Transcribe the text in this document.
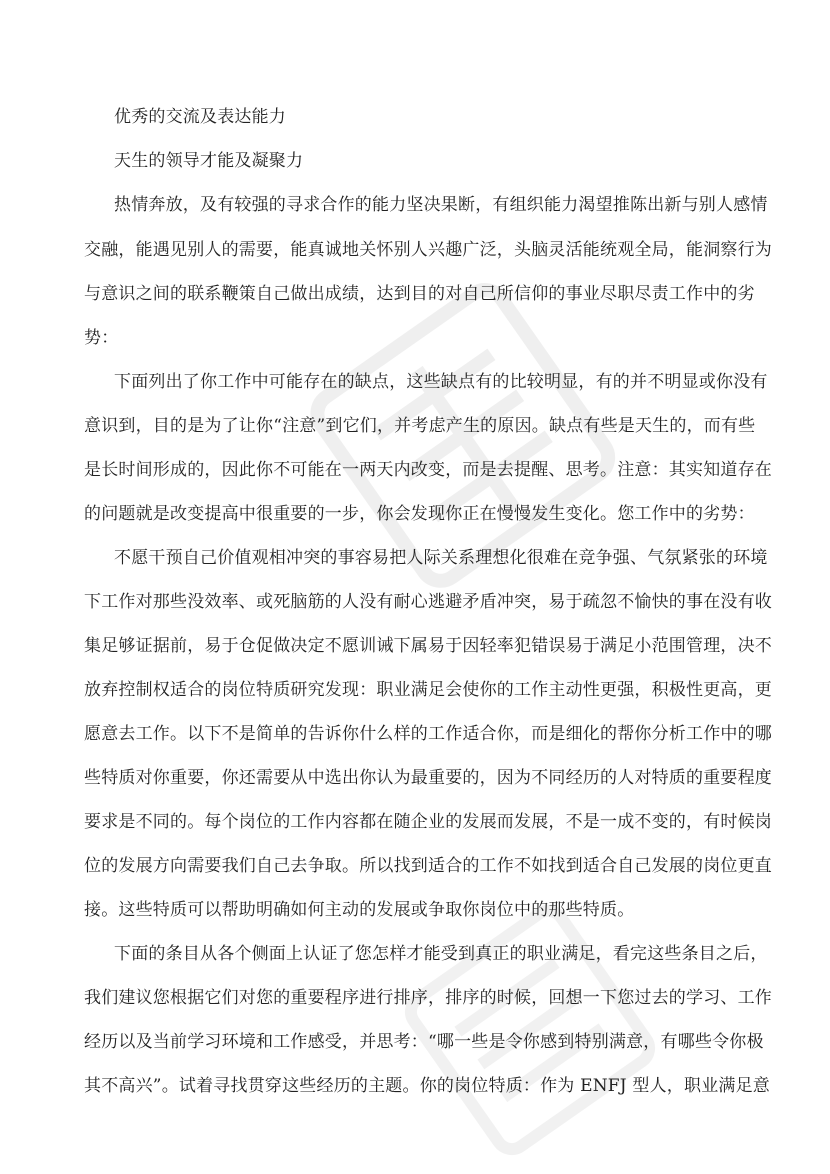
优秀的交流及表达能力
天生的领导才能及凝聚力
热情奔放，及有较强的寻求合作的能力坚决果断，有组织能力渴望推陈出新与别人感情
交融，能遇见别人的需要，能真诚地关怀别人兴趣广泛，头脑灵活能统观全局，能洞察行为
与意识之间的联系鞭策自己做出成绩，达到目的对自己所信仰的事业尽职尽责工作中的劣
势：
下面列出了你工作中可能存在的缺点，这些缺点有的比较明显，有的并不明显或你没有
意识到，目的是为了让你“注意”到它们，并考虑产生的原因。缺点有些是天生的，而有些
是长时间形成的，因此你不可能在一两天内改变，而是去提醒、思考。注意：其实知道存在
的问题就是改变提高中很重要的一步，你会发现你正在慢慢发生变化。您工作中的劣势：
不愿干预自己价值观相冲突的事容易把人际关系理想化很难在竞争强、气氛紧张的环境
下工作对那些没效率、或死脑筋的人没有耐心逃避矛盾冲突，易于疏忽不愉快的事在没有收
集足够证据前，易于仓促做决定不愿训诫下属易于因轻率犯错误易于满足小范围管理，决不
放弃控制权适合的岗位特质研究发现：职业满足会使你的工作主动性更强，积极性更高，更
愿意去工作。以下不是简单的告诉你什么样的工作适合你，而是细化的帮你分析工作中的哪
些特质对你重要，你还需要从中选出你认为最重要的，因为不同经历的人对特质的重要程度
要求是不同的。每个岗位的工作内容都在随企业的发展而发展，不是一成不变的，有时候岗
位的发展方向需要我们自己去争取。所以找到适合的工作不如找到适合自己发展的岗位更直
接。这些特质可以帮助明确如何主动的发展或争取你岗位中的那些特质。
下面的条目从各个侧面上认证了您怎样才能受到真正的职业满足，看完这些条目之后，
我们建议您根据它们对您的重要程序进行排序，排序的时候，回想一下您过去的学习、工作
经历以及当前学习环境和工作感受，并思考：“哪一些是令你感到特别满意，有哪些令你极
其不高兴”。试着寻找贯穿这些经历的主题。你的岗位特质：作为 ENFJ 型人，职业满足意
